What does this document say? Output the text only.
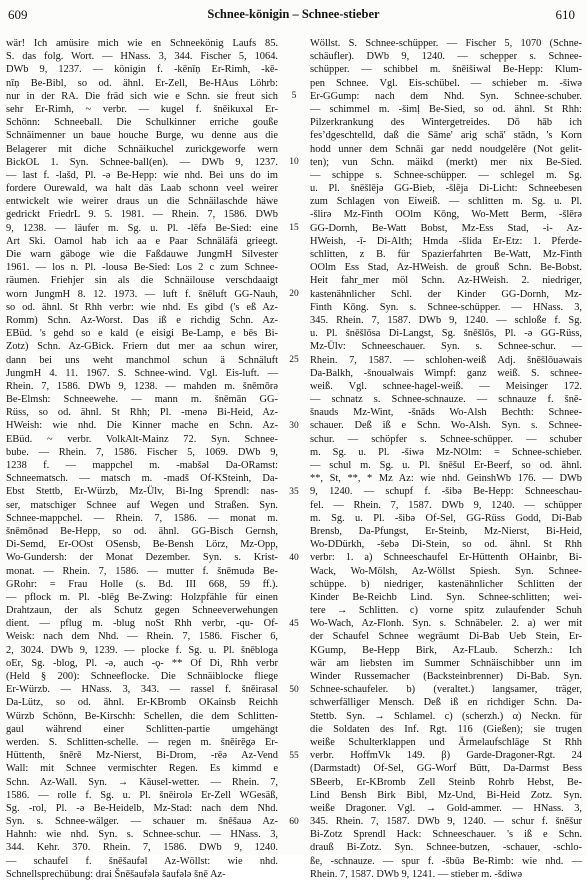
609	Schnee-königin – Schnee-stieber	610
wär! Ich amüsire mich wie en Schneekönig Laufs 85.
S. das folg. Wort. — HNass. 3, 344. Fischer 5, 1064.
DWb 9, 1237. — königin f. -kēnīṇ Er-Rimh, -kē-
nīṇ Be-Bibl, so od. ähnl. Er-Zell, Be-HAus Löhrb:
nur in der RA. Die fräd sich wie e Schn. sie freut sich
sehr Er-Rimh, ~ verbr. — kugel f. šnēikuxəl Er-
Schönn: Schneeball. Die Schulkinner erriche gouße
Schnäimenner un baue houche Burge, wu denne aus die
Belagerer mit diche Schnäikuchel zurickgeworfe wern
BickOL 1. Syn. Schnee-ball(en). — DWb 9, 1237.
— last f. -lašd, Pl. -ə Be-Hepp: wie nhd. Bei uns do im
fordere Ourewald, wa halt däs Laab schonn veel weirer
entwickelt wie weirer draus un die Schnäilaschde häwe
gedrickt FriedrL 9. 5. 1981. — Rhein. 7, 1586. DWb
9, 1238. — läufer m. Sg. u. Pl. -lēfə Be-Sied: eine
Art Ski. Oamol hab ich aa e Paar Schnäläfä grieegt.
Die warn gäboge wie die Faßdauwe JungmH Silvester
1961. — los n. Pl. -lousə Be-Sied: Los 2 c zum Schnee-
räumen. Friehjer sin als die Schnäilouse verschdaaigt
worn JungmH 8. 12. 1973. — luft f. šnēluft GG-Nauh,
so od. ähnl. St Rhh verbr: wie nhd. Es gibd ('s eß Az-
Romm) Schn. Az-Worst. Das iß e richdig Schn. Az-
EBüd. 's gehd so e kald (e eisigi Be-Lamp, e bēs Bi-
Zotz) Schn. Az-GBick. Friern dut mer aa schun wirer,
dann bei uns weht manchmol schun ä Schnäluft
JungmH 4. 11. 1967. S. Schnee-wind. Vgl. Eis-luft. —
Rhein. 7, 1586. DWb 9, 1238. — mahden m. šnēmōrə
Be-Elmsh: Schneewehe. — mann m. šnēmān GG-
Rüss, so od. ähnl. St Rhh; Pl. -menə Bi-Heid, Az-
HWeish: wie nhd. Die Kinner mache en Schn. Az-
EBüd. ~ verbr. VolkAlt-Mainz 72. Syn. Schnee-
bube. — Rhein. 7, 1586. Fischer 5, 1069. DWb 9,
1238 f. — mappchel m. -mabšəl Da-ORamst:
Schneematsch. — matsch m. -madš Of-KSteinh, Da-
Ebst Stettb, Er-Würzb, Mz-Ülv, Bi-Ing Sprendl: nas-
ser, matschiger Schnee auf Wegen und Straßen. Syn.
Schnee-mappchel. — Rhein. 7, 1586. — monat m.
šnēmōnəd Be-Hepp, so od. ähnl. GG-Bisch Gernsh,
Di-Semd, Er-OOst OSensb, Be-Bensh Lörz, Mz-Opp,
Wo-Gundersh: der Monat Dezember. Syn. s. Krist-
monat. — Rhein. 7, 1586. — mutter f. šnēmudə Be-
GRohr: = Frau Holle (s. Bd. III 668, 59 ff.).
— pflock m. Pl. -blēg Be-Zwing: Holzpfähle für einen
Drahtzaun, der als Schutz gegen Schneeverwehungen
dient. — pflug m. -blug noSt Rhh verbr, -qu- Of-
Weisk: nach dem Nhd. — Rhein. 7, 1586. Fischer 6,
2, 3024. DWb 9, 1239. — plocke f. Sg. u. Pl. šnēbloga
oEr, Sg. -blog, Pl. -ə, auch -ǫ- ** Of Di, Rhh verbr
(Held § 200): Schneeflocke. Die Schnäiblocke fliege
Er-Würzb. — HNass. 3, 343. — rassel f. šnēirasəl
Da-Lütz, so od. ähnl. Er-KBromb OKainsb Reichh
Würzb Schönn, Be-Kirschh: Schellen, die dem Schlitten-
gaul während einer Schlitten-partie umgehängt
werden. S. Schlitten-schelle. — regen m. šnēirēgə Er-
Hüttenth, šnērē Mz-Nierst, Bi-Drom, -rēə Az-Vend
Wall: mit Schnee vermischter Regen. Es kimmd e
Schn. Az-Wall. Syn. → Käusel-wetter. — Rhein. 7,
1586. — rolle f. Sg. u. Pl. šnēirolə Er-Zell WGesäß,
Sg. -rol, Pl. -ə Be-Heidelb, Mz-Stad: nach dem Nhd.
Syn. s. Schnee-wälger. — schauer m. šnēšauə Az-
Hahnh: wie nhd. Syn. s. Schnee-schur. — HNass. 3,
344. Kehr. 370. Rhein. 7, 1586. DWb 9, 1240.
— schaufel f. šnēšaufəl Az-Wöllst: wie nhd.
Schnellsprechübung: drai Šnēšaufələ šaufələ šnē Az-
5
10
15
20
25
30
35
40
45
50
55
60
Wöllst. S. Schnee-schüpper. — Fischer 5, 1070 (Schne-
schäufler). DWb 9, 1240. — schepper s. Schnee-
schüpper. — schibbel m. šnēišiwəl Be-Hepp: Klum-
pen Schnee. Vgl. Eis-schübel. — schieber m. -šiwə
Er-GGump: nach dem Nhd. Syn. Schnee-schuber.
— schimmel m. -šimḷ Be-Sied, so od. ähnl. St Rhh:
Pilzerkrankung des Wintergetreides. Dō hāb ich
fesʼdgeschtelld, daß die Sāme' arig schā' stādn, 's Korn
hodd unner dem Schnāi gar nedd noudgelēre (Not gelit-
ten); vun Schn. mäikd (merkt) mer nix Be-Sied.
— schippe s. Schnee-schüpper. — schlegel m. Sg.
u. Pl. šnēšlējə GG-Bieb, -šlēja Di-Licht: Schneebesen
zum Schlagen von Eiweiß. — schlitten m. Sg. u. Pl.
-šlirə Mz-Finth OOlm Kōng, Wo-Mett Berm, -šlērə
GG-Dornh, Be-Watt Bobst, Mz-Ess Stad, -i- Az-
HWeish, -ī- Di-Alth; Hmda -šlida Er-Etz: 1. Pferde-
schlitten, z B. für Spazierfahrten Be-Watt, Mz-Finth
OOlm Ess Stad, Az-HWeish. de grouß Schn. Be-Bobst.
Heit fahr_mer möl Schn. Az-HWeish. 2. niedriger,
kastenähnlicher Schl. der Kinder GG-Dornh, Mz-
Finth Kōng. Syn. s. Schnee-schüpper. — HNass. 3,
345. Rhein. 7, 1587. DWb 9, 1240. — schloße f. Sg.
u. Pl. šnēšlōsa Di-Langst, Sg. šnēšlōs, Pl. -ə GG-Rüss,
Mz-Ülv: Schneeschauer. Syn. s. Schnee-schur. —
Rhein. 7, 1587. — schlohen-weiß Adj. šnēšlōuəwais
Da-Balkh, -šnouəlwais Wimpf: ganz weiß. S. schnee-
weiß. Vgl. schnee-hagel-weiß. — Meisinger 172.
— schnatz s. Schnee-schnauze. — schnauze f. šnē-
šnauds Mz-Wint, -šnāds Wo-Alsh Bechth: Schnee-
schauer. Deß iß e Schn. Wo-Alsh. Syn. s. Schnee-
schur. — schöpfer s. Schnee-schüpper. — schuber
m. Sg. u. Pl. -šiwə Mz-NOlm: = Schnee-schieber.
— schul m. Sg. u. Pl. šnēšul Er-Beerf, so od. ähnl.
**, St, **, * Mz Az: wie nhd. GeinshWb 176. — DWb
9, 1240. — schupf f. -šibə Be-Hepp: Schneeschau-
fel. — Rhein. 7, 1587. DWb 9, 1240. — schüpper
m. Sg. u. Pl. -šibə Of-Sel, GG-Rüss Godd, Di-Bab
Brensb, Da-Pfungst, Er-Steinb, Mz-Nierst, Bi-Heid,
Wo-DDürkh, -šebə Di-Stein, so od. ähnl. St Rhh
verbr: 1. a) Schneeschaufel Er-Hüttenth OHainbr, Bi-
Wack, Wo-Mölsh, Az-Wöllst Spiesh. Syn. Schnee-
schüppe. b) niedriger, kastenähnlicher Schlitten der
Kinder Be-Reichb Lind. Syn. Schnee-schlitten; wei-
tere → Schlitten. c) vorne spitz zulaufender Schuh
Wo-Wach, Az-Flonh. Syn. s. Schnäbeler. 2. a) wer mit
der Schaufel Schnee wegräumt Di-Bab Ueb Stein, Er-
KGump, Be-Hepp Birk, Az-FLaub. Scherzh.: Ich
wär am liebsten im Summer Schnäischibber unn im
Winder Russemacher (Backsteinbrenner) Di-Bab. Syn.
Schnee-schaufeler. b) (veraltet.) langsamer, träger,
schwerfälliger Mensch. Deß iß en richdiger Schn. Da-
Stettb. Syn. → Schlamel. c) (scherzh.) α) Neckn. für
die Soldaten des Inf. Rgt. 116 (Gießen); sie trugen
weiße Schulterklappen und Ärmelaufschläge St Rhh
verbr. HoffmVk 149. β) Garde-Dragoner-Rgt. 24
(Darmstadt) Of-Sel, GG-Worf Bütt, Da-Darmst Bess
SBeerb, Er-KBromb Zell Steinb Rohrb Hebst, Be-
Lind Bensh Birk Bibl, Mz-Und, Bi-Heid Zotz. Syn.
weiße Dragoner. Vgl. → Gold-ammer. — HNass. 3,
345. Rhein. 7, 1587. DWb 9, 1240. — schur f. šnēšur
Bi-Zotz Sprendl Hack: Schneeschauer. 's iß e Schn.
drauß Bi-Zotz. Syn. Schnee-butzen, -schauer, -schlo-
ße, -schnauze. — spur f. -šbūə Be-Rimb: wie nhd. —
Rhein. 7, 1587. DWb 9, 1241. — stieber m. -šdiwə
